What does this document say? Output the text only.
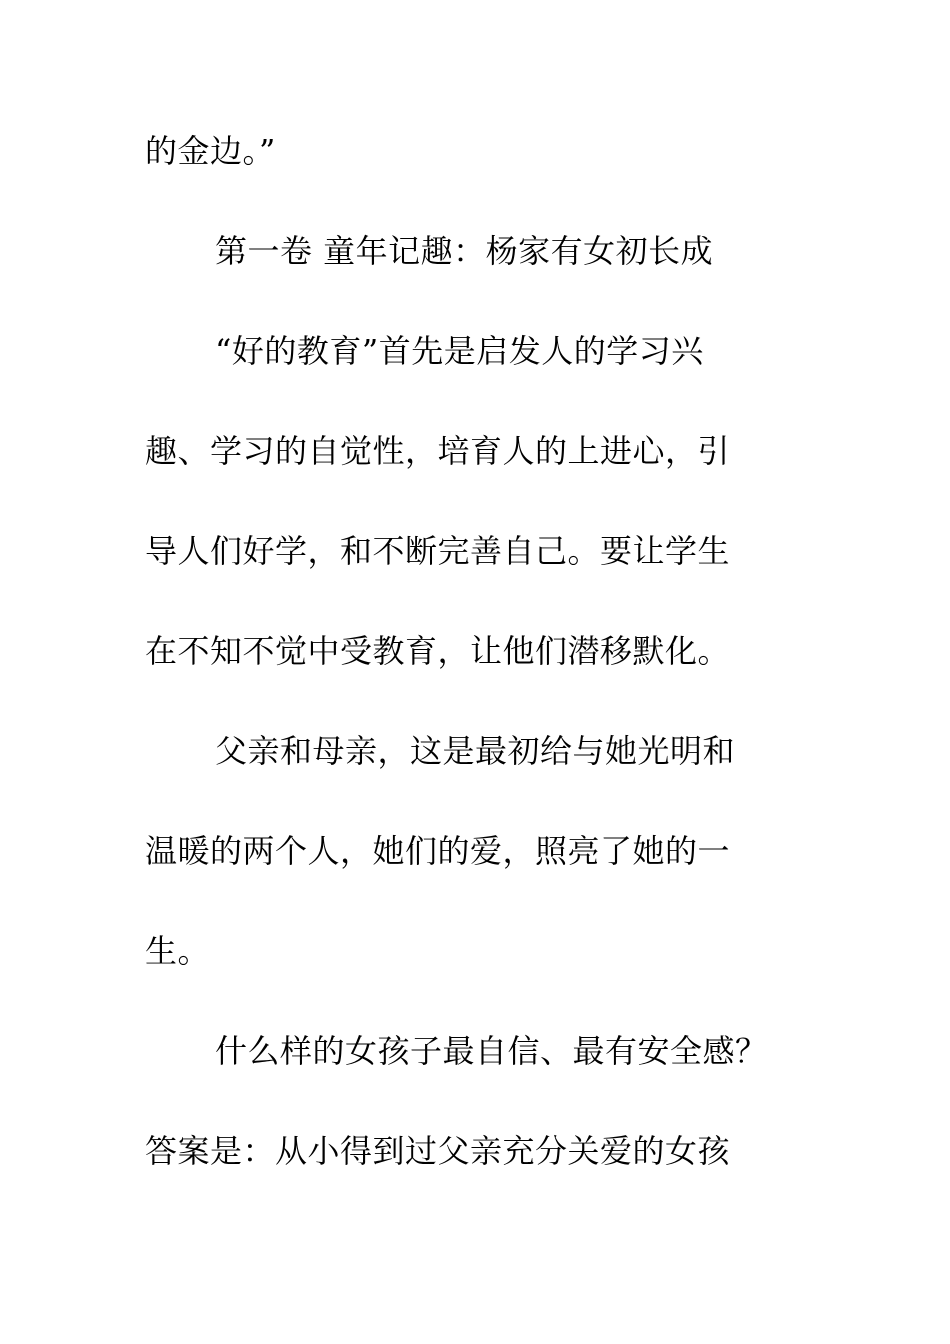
的金边。”

第一卷 童年记趣：杨家有女初长成

“好的教育”首先是启发人的学习兴

趣、学习的自觉性，培育人的上进心，引

导人们好学，和不断完善自己。要让学生

在不知不觉中受教育，让他们潜移默化。

父亲和母亲，这是最初给与她光明和

温暖的两个人，她们的爱，照亮了她的一

生。

什么样的女孩子最自信、最有安全感？

答案是：从小得到过父亲充分关爱的女孩
